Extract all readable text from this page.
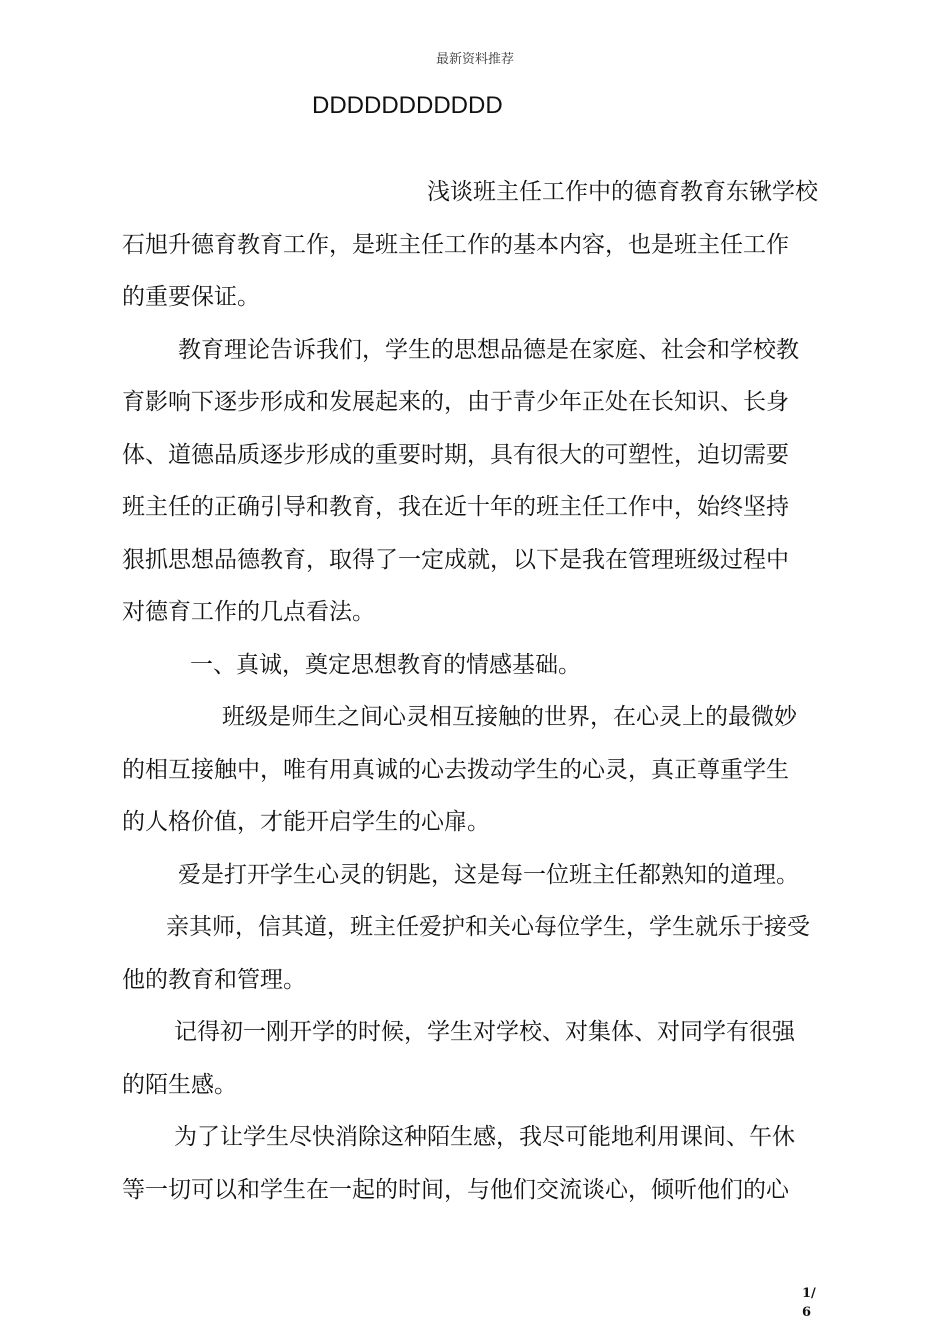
最新资料推荐
DDDDDDDDDDD
浅谈班主任工作中的德育教育东锹学校
石旭升德育教育工作，是班主任工作的基本内容，也是班主任工作
的重要保证。
教育理论告诉我们，学生的思想品德是在家庭、社会和学校教
育影响下逐步形成和发展起来的，由于青少年正处在长知识、长身
体、道德品质逐步形成的重要时期，具有很大的可塑性，迫切需要
班主任的正确引导和教育，我在近十年的班主任工作中，始终坚持
狠抓思想品德教育，取得了一定成就，以下是我在管理班级过程中
对德育工作的几点看法。
一、真诚，奠定思想教育的情感基础。
班级是师生之间心灵相互接触的世界，在心灵上的最微妙
的相互接触中，唯有用真诚的心去拨动学生的心灵，真正尊重学生
的人格价值，才能开启学生的心扉。
爱是打开学生心灵的钥匙，这是每一位班主任都熟知的道理。
亲其师，信其道，班主任爱护和关心每位学生，学生就乐于接受
他的教育和管理。
记得初一刚开学的时候，学生对学校、对集体、对同学有很强
的陌生感。
为了让学生尽快消除这种陌生感，我尽可能地利用课间、午休
等一切可以和学生在一起的时间，与他们交流谈心，倾听他们的心
1/
6
